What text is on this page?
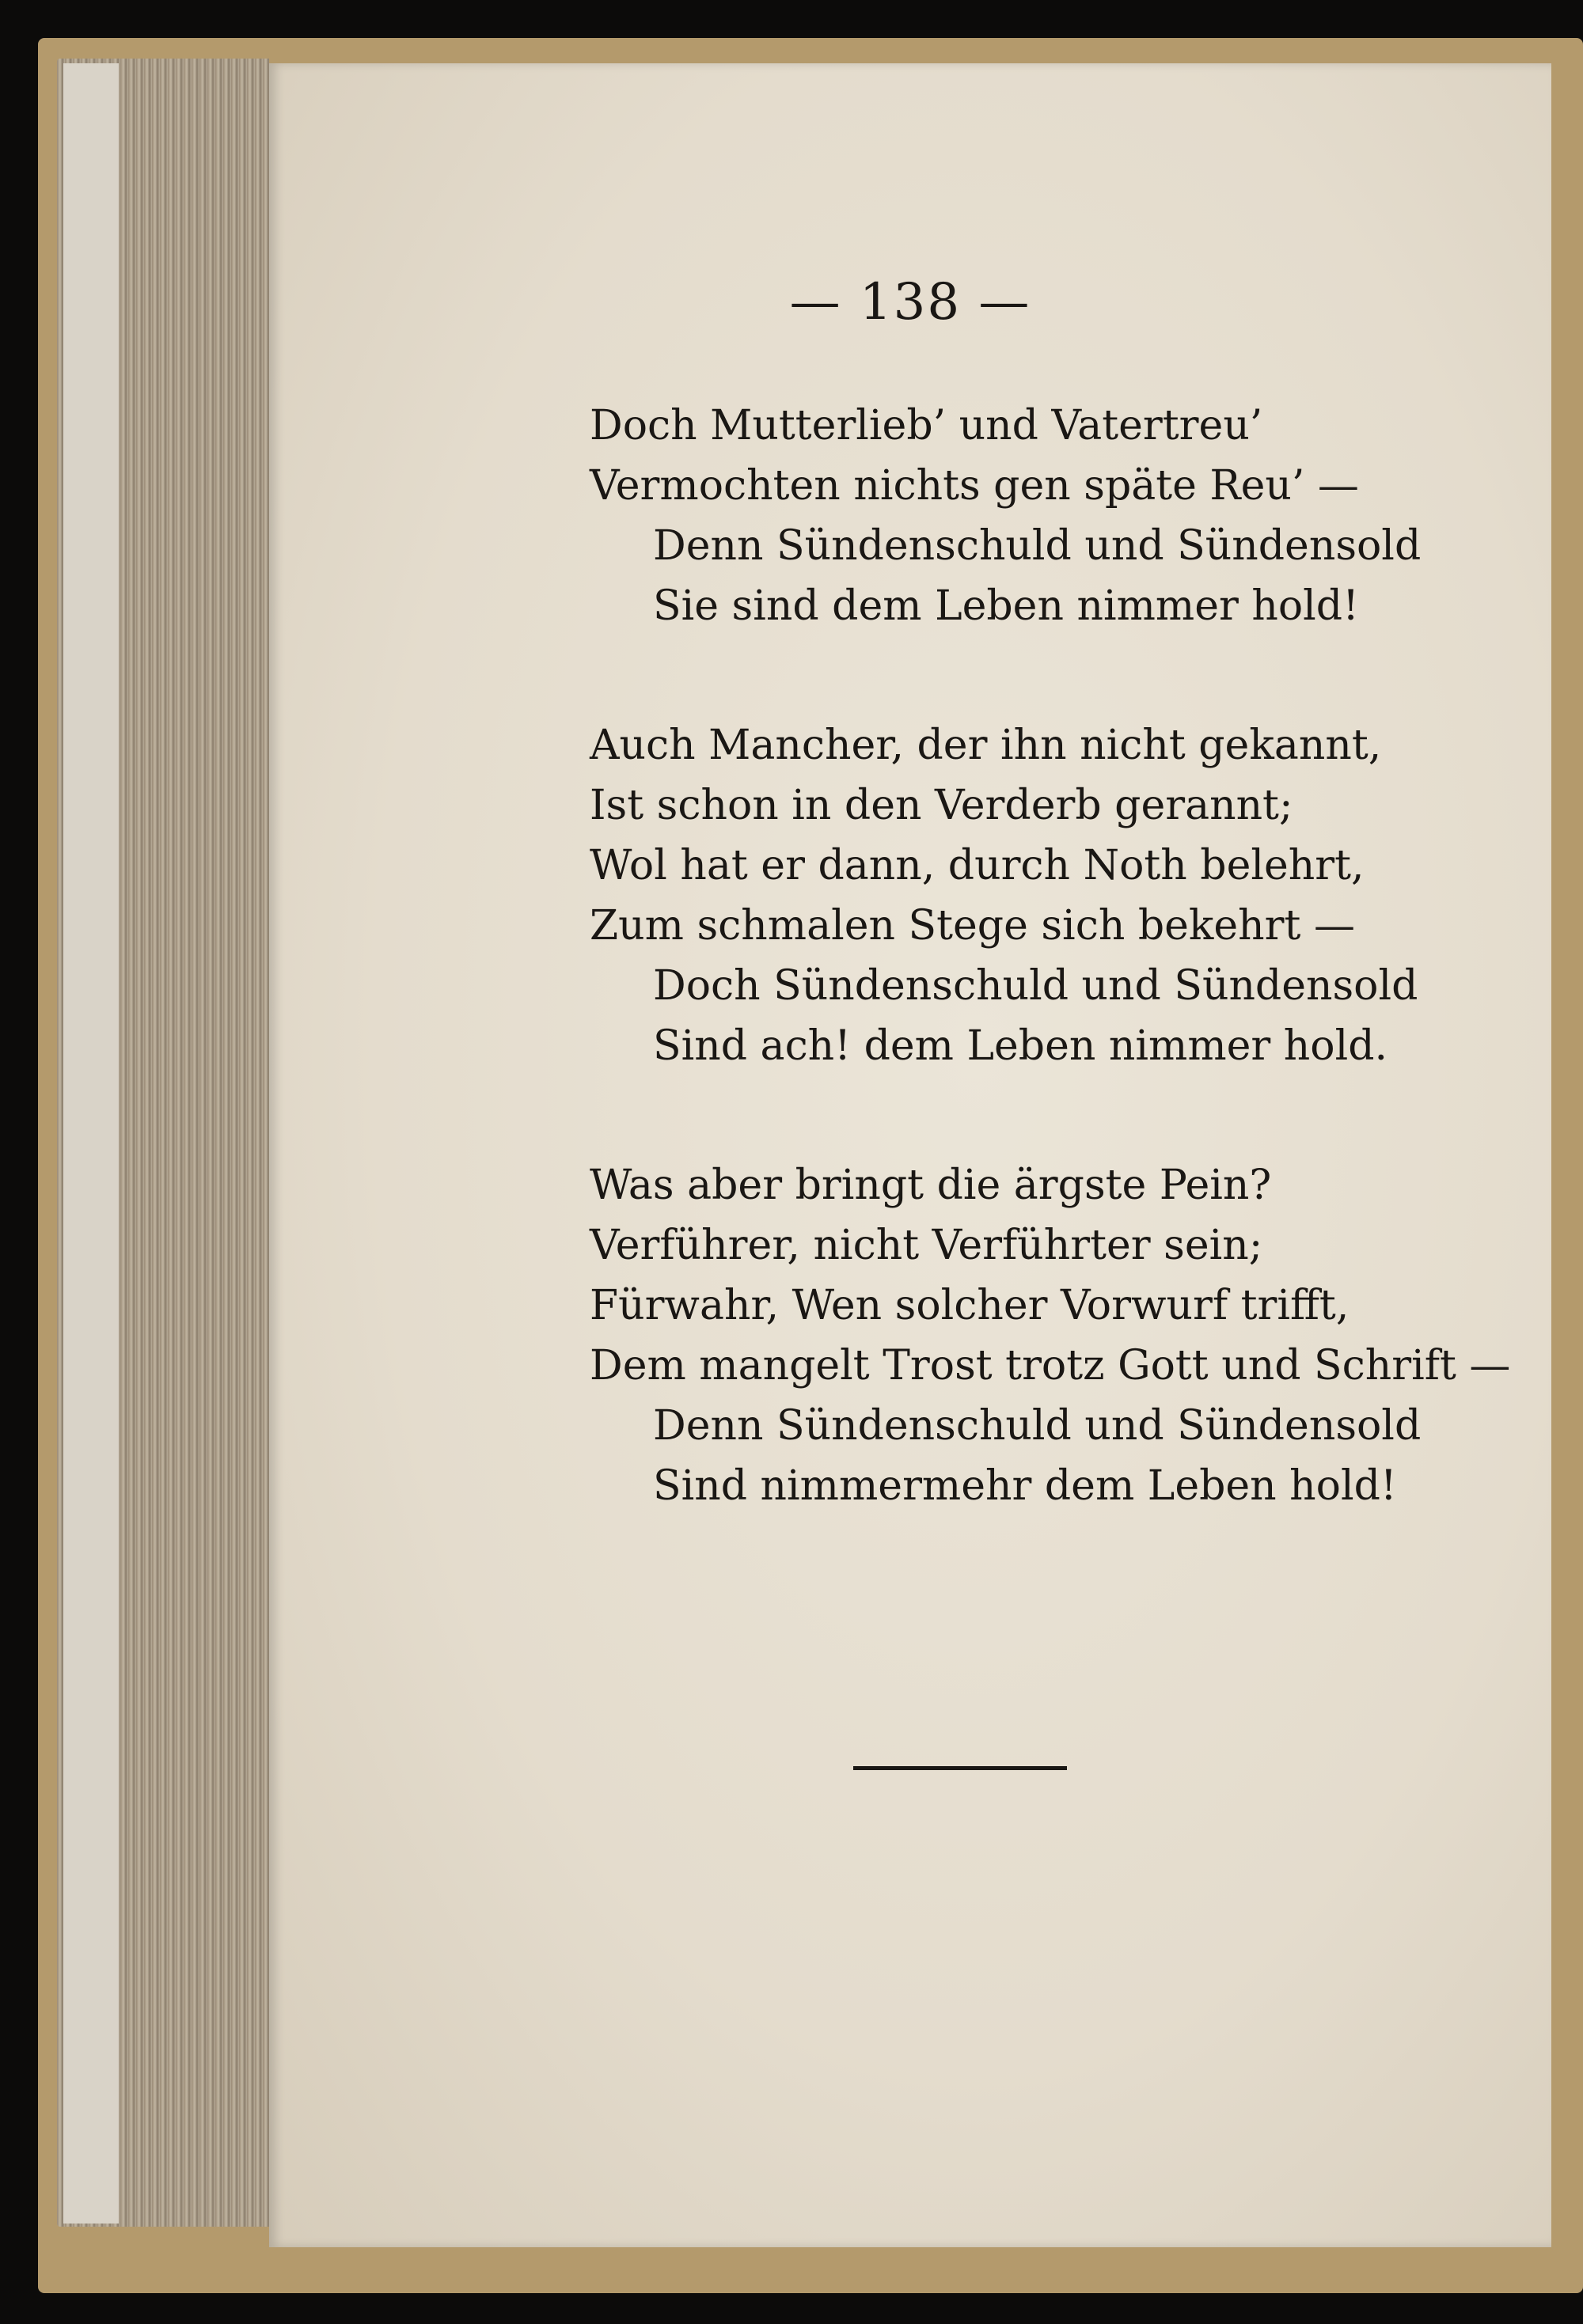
— 138 —
Doch Mutterlieb’ und Vatertreu’
Vermochten nichts gen späte Reu’ —
Denn Sündenschuld und Sündensold
Sie sind dem Leben nimmer hold!
Auch Mancher, der ihn nicht gekannt,
Ist schon in den Verderb gerannt;
Wol hat er dann, durch Noth belehrt,
Zum schmalen Stege sich bekehrt —
Doch Sündenschuld und Sündensold
Sind ach! dem Leben nimmer hold.
Was aber bringt die ärgste Pein?
Verführer, nicht Verführter sein;
Fürwahr, Wen solcher Vorwurf trifft,
Dem mangelt Trost trotz Gott und Schrift —
Denn Sündenschuld und Sündensold
Sind nimmermehr dem Leben hold!
